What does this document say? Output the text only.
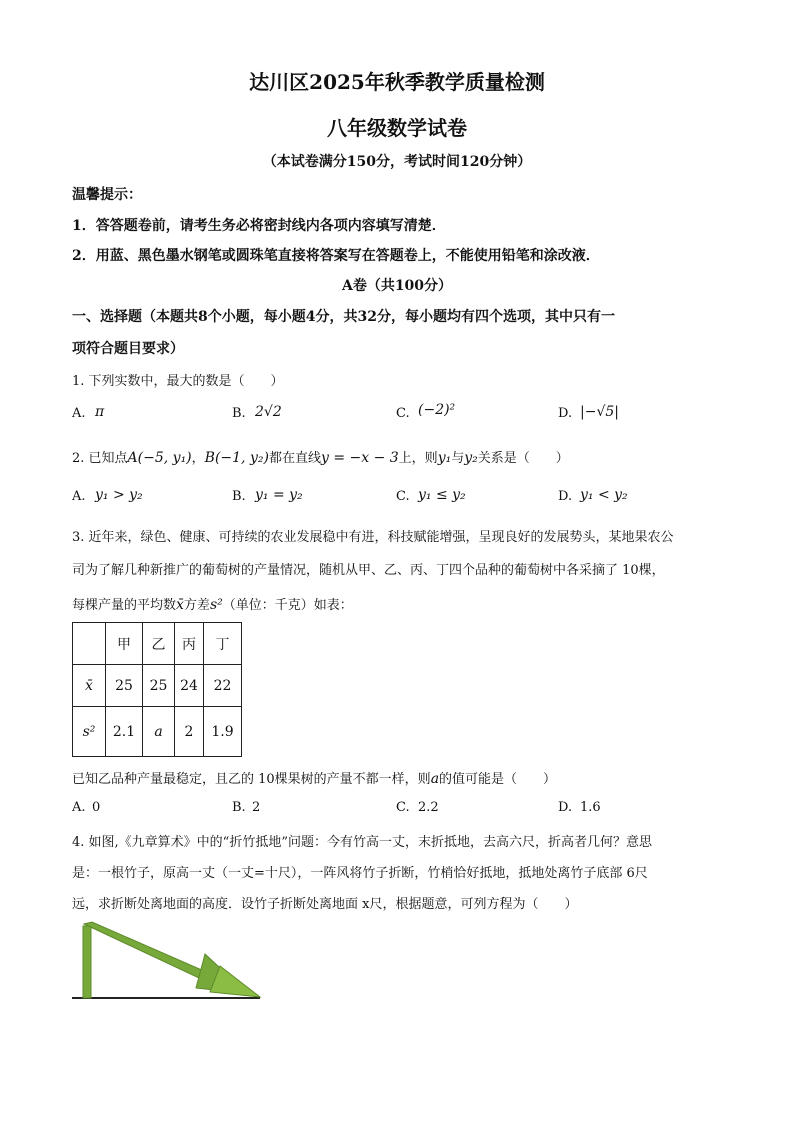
达川区2025年秋季教学质量检测
八年级数学试卷
（本试卷满分150分，考试时间120分钟）
温馨提示：
1．答答题卷前，请考生务必将密封线内各项内容填写清楚．
2．用蓝、黑色墨水钢笔或圆珠笔直接将答案写在答题卷上，不能使用铅笔和涂改液．
A卷（共100分）
一、选择题（本题共8个小题，每小题4分，共32分，每小题均有四个选项，其中只有一
项符合题目要求）
1. 下列实数中，最大的数是（　　）
A. π	B. 2√2	C. (−2)²	D. |−√5|
2. 已知点A(−5, y₁)，B(−1, y₂)都在直线y = −x − 3上，则y₁与y₂关系是（　　）
A. y₁ > y₂	B. y₁ = y₂	C. y₁ ≤ y₂	D. y₁ < y₂
3. 近年来，绿色、健康、可持续的农业发展稳中有进，科技赋能增强，呈现良好的发展势头，某地果农公
司为了解几种新推广的葡萄树的产量情况，随机从甲、乙、丙、丁四个品种的葡萄树中各采摘了 10棵，
每棵产量的平均数x̄方差s²（单位：千克）如表：
	甲	乙	丙	丁
x̄	25	25	24	22
s²	2.1	a	2	1.9
已知乙品种产量最稳定，且乙的 10棵果树的产量不都一样，则a的值可能是（　　）
A. 0	B. 2	C. 2.2	D. 1.6
4. 如图,《九章算术》中的“折竹抵地”问题：今有竹高一丈，末折抵地，去高六尺，折高者几何？意思
是：一根竹子，原高一丈（一丈=十尺），一阵风将竹子折断，竹梢恰好抵地，抵地处离竹子底部 6尺
远，求折断处离地面的高度．设竹子折断处离地面 x尺，根据题意，可列方程为（　　）
